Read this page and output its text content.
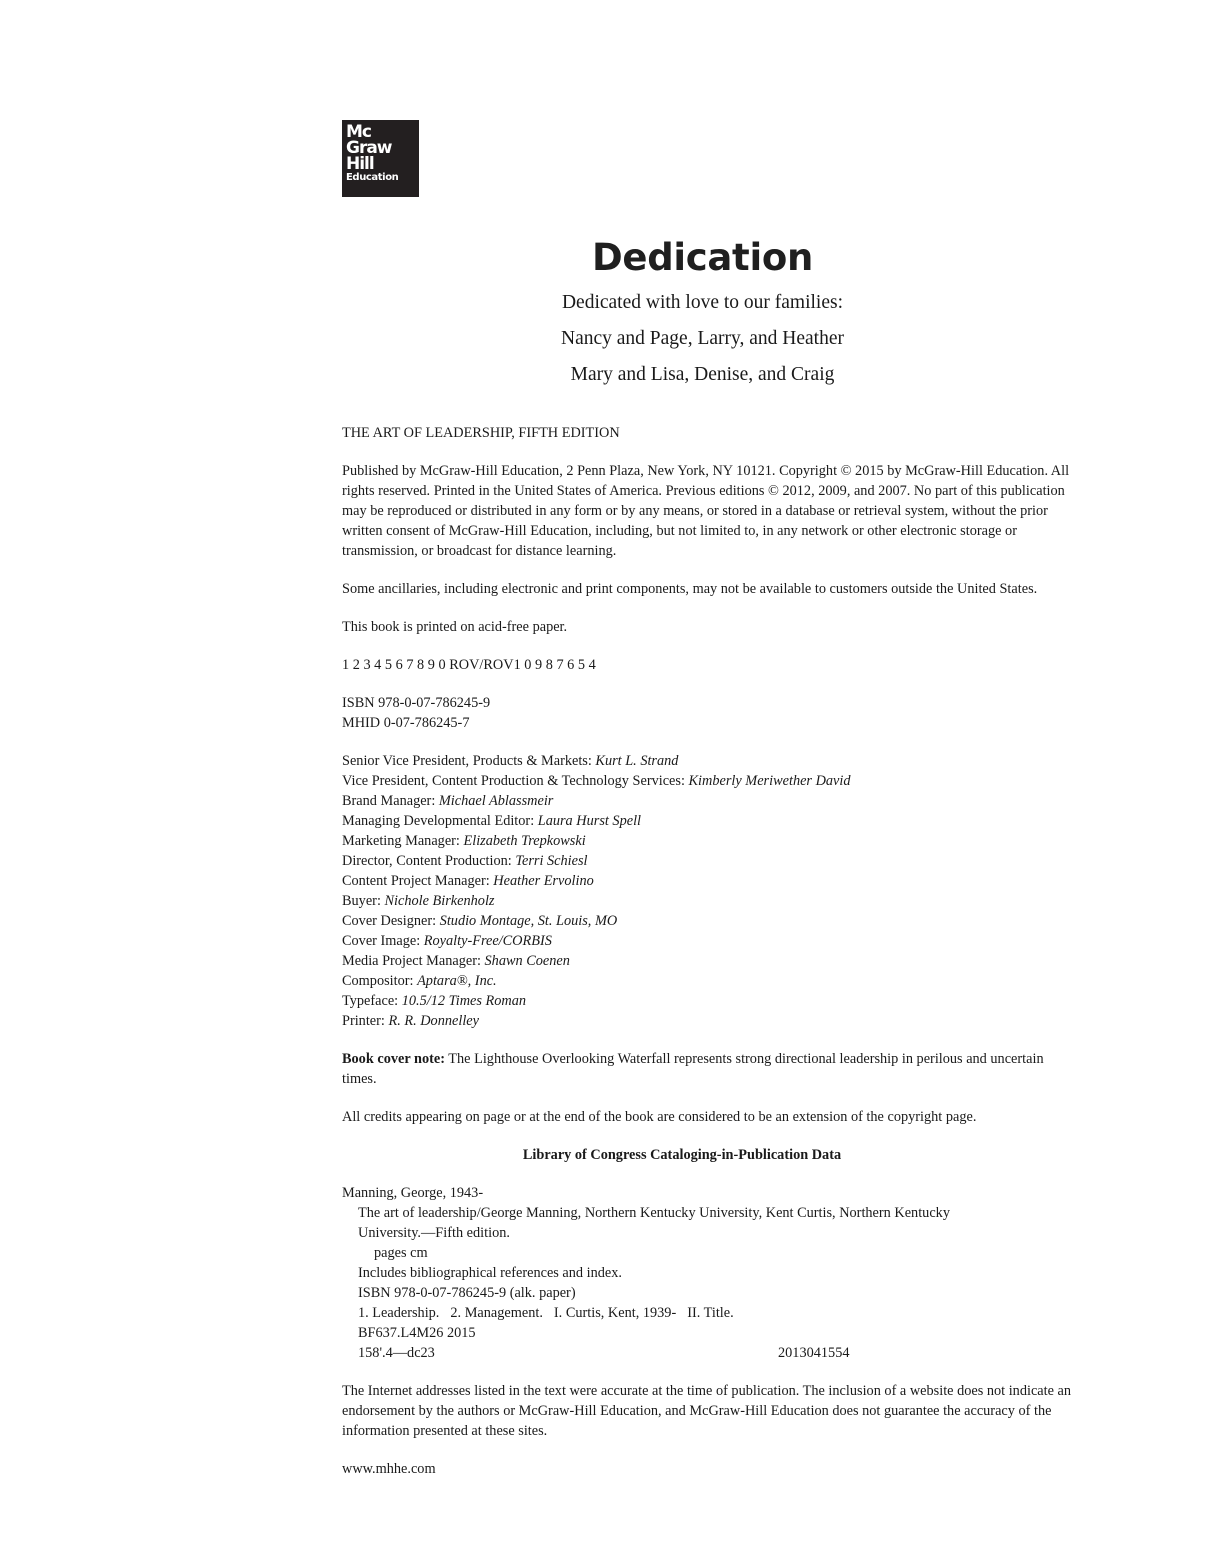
Mc
Graw
Hill
Education
Dedication

Dedicated with love to our families:

Nancy and Page, Larry, and Heather

Mary and Lisa, Denise, and Craig

THE ART OF LEADERSHIP, FIFTH EDITION

Published by McGraw-Hill Education, 2 Penn Plaza, New York, NY 10121. Copyright © 2015 by McGraw-Hill Education. All rights reserved. Printed in the United States of America. Previous editions © 2012, 2009, and 2007. No part of this publication may be reproduced or distributed in any form or by any means, or stored in a database or retrieval system, without the prior written consent of McGraw-Hill Education, including, but not limited to, in any network or other electronic storage or transmission, or broadcast for distance learning.

Some ancillaries, including electronic and print components, may not be available to customers outside the United States.

This book is printed on acid-free paper.

1 2 3 4 5 6 7 8 9 0 ROV/ROV1 0 9 8 7 6 5 4

ISBN 978-0-07-786245-9

MHID 0-07-786245-7

Senior Vice President, Products & Markets: Kurt L. Strand

Vice President, Content Production & Technology Services: Kimberly Meriwether David

Brand Manager: Michael Ablassmeir

Managing Developmental Editor: Laura Hurst Spell

Marketing Manager: Elizabeth Trepkowski

Director, Content Production: Terri Schiesl

Content Project Manager: Heather Ervolino

Buyer: Nichole Birkenholz

Cover Designer: Studio Montage, St. Louis, MO

Cover Image: Royalty-Free/CORBIS

Media Project Manager: Shawn Coenen

Compositor: Aptara®, Inc.

Typeface: 10.5/12 Times Roman

Printer: R. R. Donnelley

Book cover note: The Lighthouse Overlooking Waterfall represents strong directional leadership in perilous and uncertain times.

All credits appearing on page or at the end of the book are considered to be an extension of the copyright page.

Library of Congress Cataloging-in-Publication Data

Manning, George, 1943-

The art of leadership/George Manning, Northern Kentucky University, Kent Curtis, Northern Kentucky

University.—Fifth edition.

pages cm

Includes bibliographical references and index.

ISBN 978-0-07-786245-9 (alk. paper)

1. Leadership. 2. Management. I. Curtis, Kent, 1939- II. Title.

BF637.L4M26 2015

158'.4—dc23	2013041554

The Internet addresses listed in the text were accurate at the time of publication. The inclusion of a website does not indicate an endorsement by the authors or McGraw-Hill Education, and McGraw-Hill Education does not guarantee the accuracy of the information presented at these sites.

www.mhhe.com
